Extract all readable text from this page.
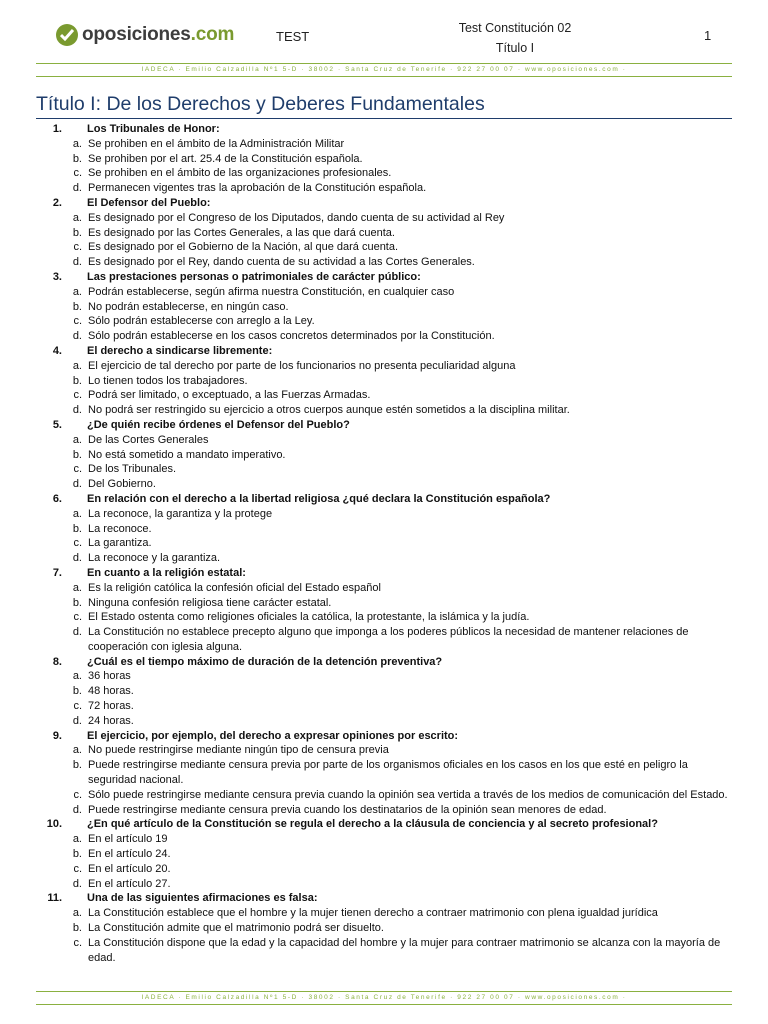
oposiciones.com	TEST
Test Constitución 02
Título I
1
IADECA · Emilio Calzadilla Nº1 5-D · 38002 · Santa Cruz de Tenerife · 922 27 00 07 · www.oposiciones.com ·
Título I: De los Derechos y Deberes Fundamentales
1. Los Tribunales de Honor:
a. Se prohiben en el ámbito de la Administración Militar
b. Se prohiben por el art. 25.4 de la Constitución española.
c. Se prohiben en el ámbito de las organizaciones profesionales.
d. Permanecen vigentes tras la aprobación de la Constitución española.
2. El Defensor del Pueblo:
a. Es designado por el Congreso de los Diputados, dando cuenta de su actividad al Rey
b. Es designado por las Cortes Generales, a las que dará cuenta.
c. Es designado por el Gobierno de la Nación, al que dará cuenta.
d. Es designado por el Rey, dando cuenta de su actividad a las Cortes Generales.
3. Las prestaciones personas o patrimoniales de carácter público:
a. Podrán establecerse, según afirma nuestra Constitución, en cualquier caso
b. No podrán establecerse, en ningún caso.
c. Sólo podrán establecerse con arreglo a la Ley.
d. Sólo podrán establecerse en los casos concretos determinados por la Constitución.
4. El derecho a sindicarse libremente:
a. El ejercicio de tal derecho por parte de los funcionarios no presenta peculiaridad alguna
b. Lo tienen todos los trabajadores.
c. Podrá ser limitado, o exceptuado, a las Fuerzas Armadas.
d. No podrá ser restringido su ejercicio a otros cuerpos aunque estén sometidos a la disciplina militar.
5. ¿De quién recibe órdenes el Defensor del Pueblo?
a. De las Cortes Generales
b. No está sometido a mandato imperativo.
c. De los Tribunales.
d. Del Gobierno.
6. En relación con el derecho a la libertad religiosa ¿qué declara la Constitución española?
a. La reconoce, la garantiza y la protege
b. La reconoce.
c. La garantiza.
d. La reconoce y la garantiza.
7. En cuanto a la religión estatal:
a. Es la religión católica la confesión oficial del Estado español
b. Ninguna confesión religiosa tiene carácter estatal.
c. El Estado ostenta como religiones oficiales la católica, la protestante, la islámica y la judía.
d. La Constitución no establece precepto alguno que imponga a los poderes públicos la necesidad de mantener relaciones de cooperación con iglesia alguna.
8. ¿Cuál es el tiempo máximo de duración de la detención preventiva?
a. 36 horas
b. 48 horas.
c. 72 horas.
d. 24 horas.
9. El ejercicio, por ejemplo, del derecho a expresar opiniones por escrito:
a. No puede restringirse mediante ningún tipo de censura previa
b. Puede restringirse mediante censura previa por parte de los organismos oficiales en los casos en los que esté en peligro la seguridad nacional.
c. Sólo puede restringirse mediante censura previa cuando la opinión sea vertida a través de los medios de comunicación del Estado.
d. Puede restringirse mediante censura previa cuando los destinatarios de la opinión sean menores de edad.
10. ¿En qué artículo de la Constitución se regula el derecho a la cláusula de conciencia y al secreto profesional?
a. En el artículo 19
b. En el artículo 24.
c. En el artículo 20.
d. En el artículo 27.
11. Una de las siguientes afirmaciones es falsa:
a. La Constitución establece que el hombre y la mujer tienen derecho a contraer matrimonio con plena igualdad jurídica
b. La Constitución admite que el matrimonio podrá ser disuelto.
c. La Constitución dispone que la edad y la capacidad del hombre y la mujer para contraer matrimonio se alcanza con la mayoría de edad.
IADECA · Emilio Calzadilla Nº1 5-D · 38002 · Santa Cruz de Tenerife · 922 27 00 07 · www.oposiciones.com ·
